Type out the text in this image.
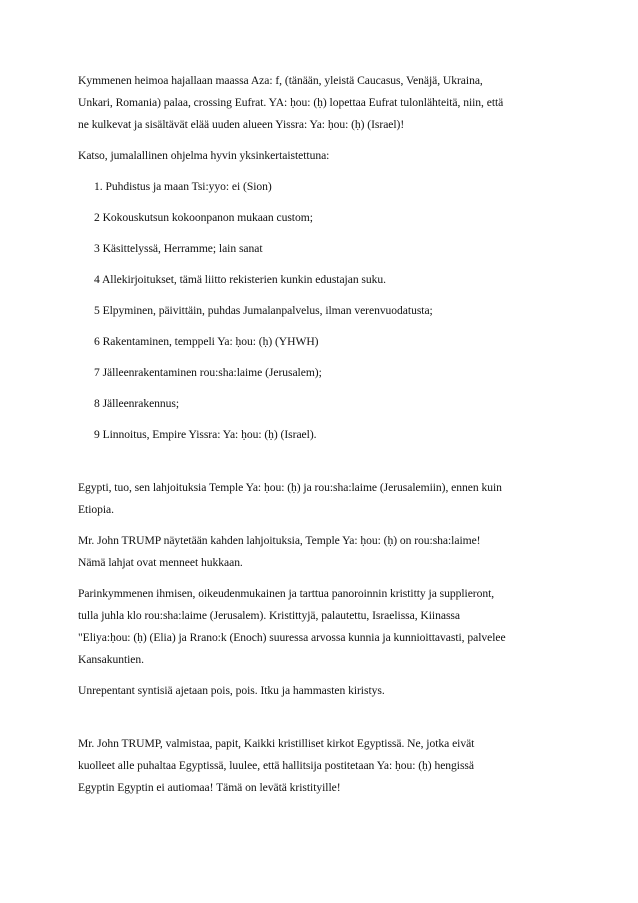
Kymmenen heimoa hajallaan maassa Aza: f, (tänään, yleistä Caucasus, Venäjä, Ukraina,
Unkari, Romania) palaa, crossing Eufrat. YA: ḥou: (ḥ) lopettaa Eufrat tulonlähteitä, niin, että
ne kulkevat ja sisältävät elää uuden alueen Yissra: Ya: ḥou: (ḥ) (Israel)!

Katso, jumalallinen ohjelma hyvin yksinkertaistettuna:

1. Puhdistus ja maan Tsi:yyo: ei (Sion)
2 Kokouskutsun kokoonpanon mukaan custom;
3 Käsittelyssä, Herramme; lain sanat
4 Allekirjoitukset, tämä liitto rekisterien kunkin edustajan suku.
5 Elpyminen, päivittäin, puhdas Jumalanpalvelus, ilman verenvuodatusta;
6 Rakentaminen, temppeli Ya: ḥou: (ḥ) (YHWH)
7 Jälleenrakentaminen rou:sha:laime (Jerusalem);
8 Jälleenrakennus;
9 Linnoitus, Empire Yissra: Ya: ḥou: (ḥ) (Israel).

Egypti, tuo, sen lahjoituksia Temple Ya: ḥou: (ḥ) ja rou:sha:laime (Jerusalemiin), ennen kuin
Etiopia.

Mr. John TRUMP näytetään kahden lahjoituksia, Temple Ya: ḥou: (ḥ) on rou:sha:laime!
Nämä lahjat ovat menneet hukkaan.

Parinkymmenen ihmisen, oikeudenmukainen ja tarttua panoroinnin kristitty ja supplieront,
tulla juhla klo rou:sha:laime (Jerusalem). Kristittyjä, palautettu, Israelissa, Kiinassa
"Eliya:ḥou: (ḥ) (Elia) ja Rrano:k (Enoch) suuressa arvossa kunnia ja kunnioittavasti, palvelee
Kansakuntien.

Unrepentant syntisiä ajetaan pois, pois. Itku ja hammasten kiristys.

Mr. John TRUMP, valmistaa, papit, Kaikki kristilliset kirkot Egyptissä. Ne, jotka eivät
kuolleet alle puhaltaa Egyptissä, luulee, että hallitsija postitetaan Ya: ḥou: (ḥ) hengissä
Egyptin Egyptin ei autiomaa! Tämä on levätä kristityille!
